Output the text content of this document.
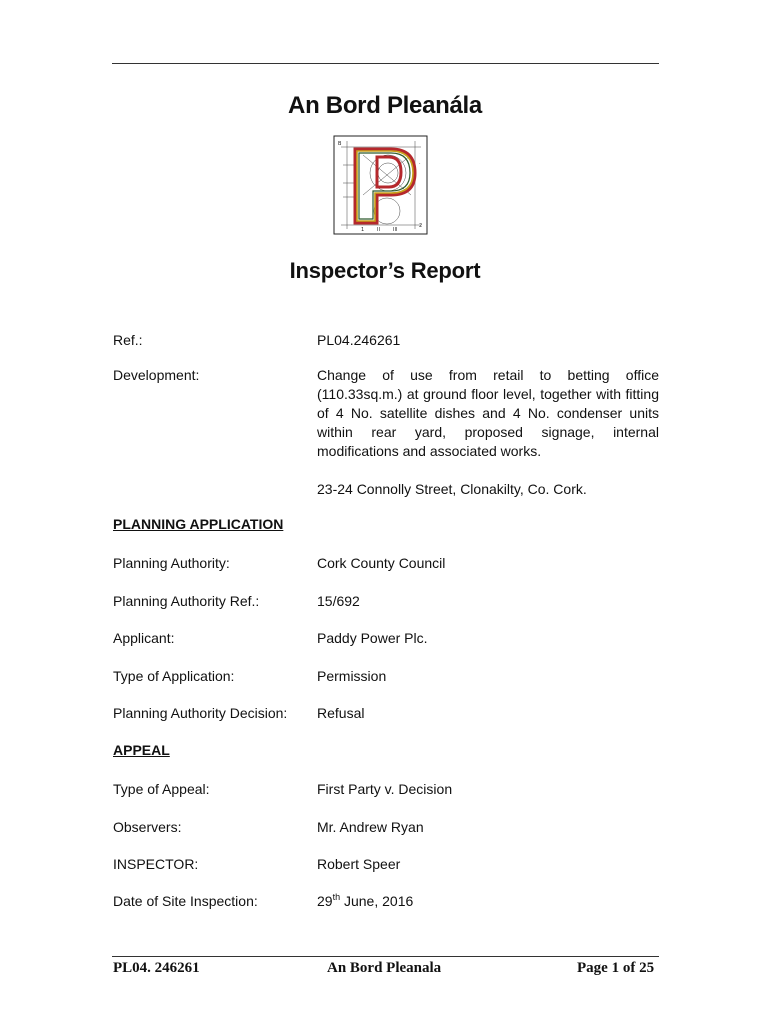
An Bord Pleanála
B
·
2
1	II	III
Inspector’s Report
Ref.:	PL04.246261
Development:	Change of use from retail to betting office
(110.33sq.m.) at ground floor level, together with fitting
of 4 No. satellite dishes and 4 No. condenser units
within rear yard, proposed signage, internal
modifications and associated works.
23-24 Connolly Street, Clonakilty, Co. Cork.
PLANNING APPLICATION
Planning Authority:	Cork County Council
Planning Authority Ref.:	15/692
Applicant:	Paddy Power Plc.
Type of Application:	Permission
Planning Authority Decision: Refusal
APPEAL
Type of Appeal:	First Party v. Decision
Observers:	Mr. Andrew Ryan
INSPECTOR:	Robert Speer
Date of Site Inspection:	29th June, 2016
PL04. 246261	An Bord Pleanala	Page 1 of 25
